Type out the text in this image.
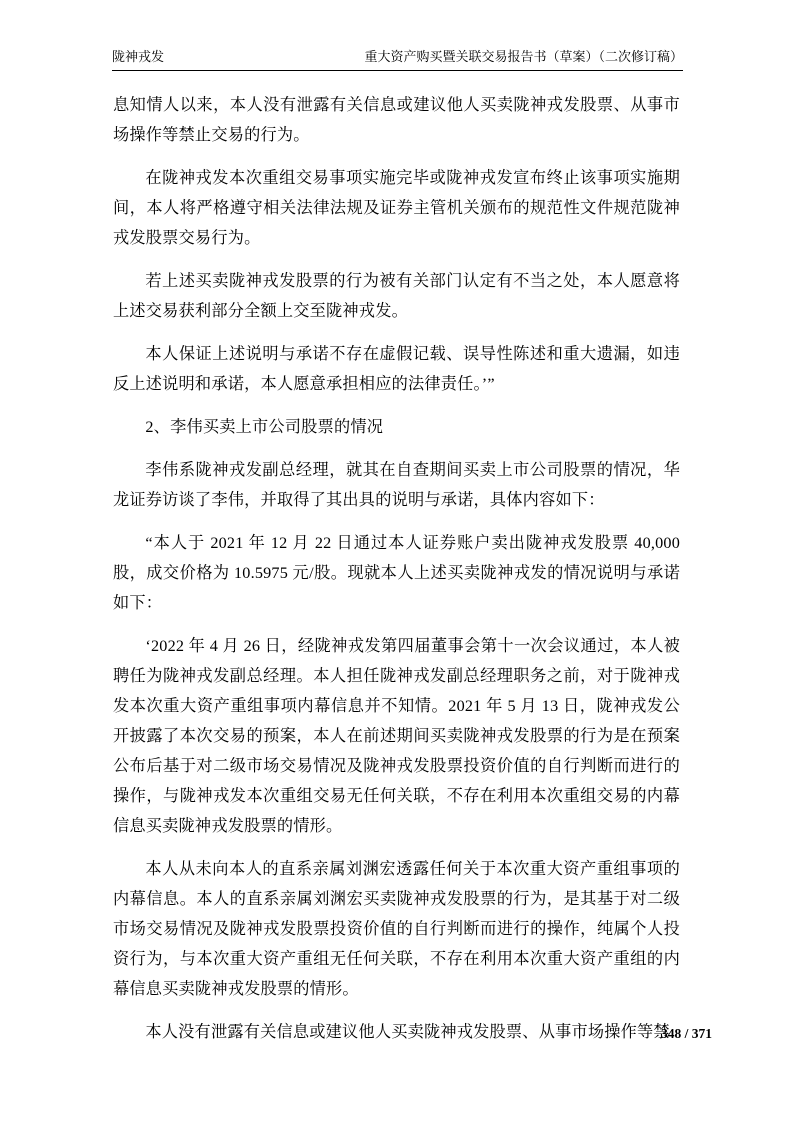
陇神戎发	重大资产购买暨关联交易报告书（草案）（二次修订稿）

息知情人以来，本人没有泄露有关信息或建议他人买卖陇神戎发股票、从事市场操作等禁止交易的行为。

在陇神戎发本次重组交易事项实施完毕或陇神戎发宣布终止该事项实施期间，本人将严格遵守相关法律法规及证券主管机关颁布的规范性文件规范陇神戎发股票交易行为。

若上述买卖陇神戎发股票的行为被有关部门认定有不当之处，本人愿意将上述交易获利部分全额上交至陇神戎发。

本人保证上述说明与承诺不存在虚假记载、误导性陈述和重大遗漏，如违反上述说明和承诺，本人愿意承担相应的法律责任。’”

2、李伟买卖上市公司股票的情况

李伟系陇神戎发副总经理，就其在自查期间买卖上市公司股票的情况，华龙证券访谈了李伟，并取得了其出具的说明与承诺，具体内容如下：

“本人于 2021 年 12 月 22 日通过本人证券账户卖出陇神戎发股票 40,000 股，成交价格为 10.5975 元/股。现就本人上述买卖陇神戎发的情况说明与承诺如下：

‘2022 年 4 月 26 日，经陇神戎发第四届董事会第十一次会议通过，本人被聘任为陇神戎发副总经理。本人担任陇神戎发副总经理职务之前，对于陇神戎发本次重大资产重组事项内幕信息并不知情。2021 年 5 月 13 日，陇神戎发公开披露了本次交易的预案，本人在前述期间买卖陇神戎发股票的行为是在预案公布后基于对二级市场交易情况及陇神戎发股票投资价值的自行判断而进行的操作，与陇神戎发本次重组交易无任何关联，不存在利用本次重组交易的内幕信息买卖陇神戎发股票的情形。

本人从未向本人的直系亲属刘渊宏透露任何关于本次重大资产重组事项的内幕信息。本人的直系亲属刘渊宏买卖陇神戎发股票的行为，是其基于对二级市场交易情况及陇神戎发股票投资价值的自行判断而进行的操作，纯属个人投资行为，与本次重大资产重组无任何关联，不存在利用本次重大资产重组的内幕信息买卖陇神戎发股票的情形。

本人没有泄露有关信息或建议他人买卖陇神戎发股票、从事市场操作等禁

348 / 371
